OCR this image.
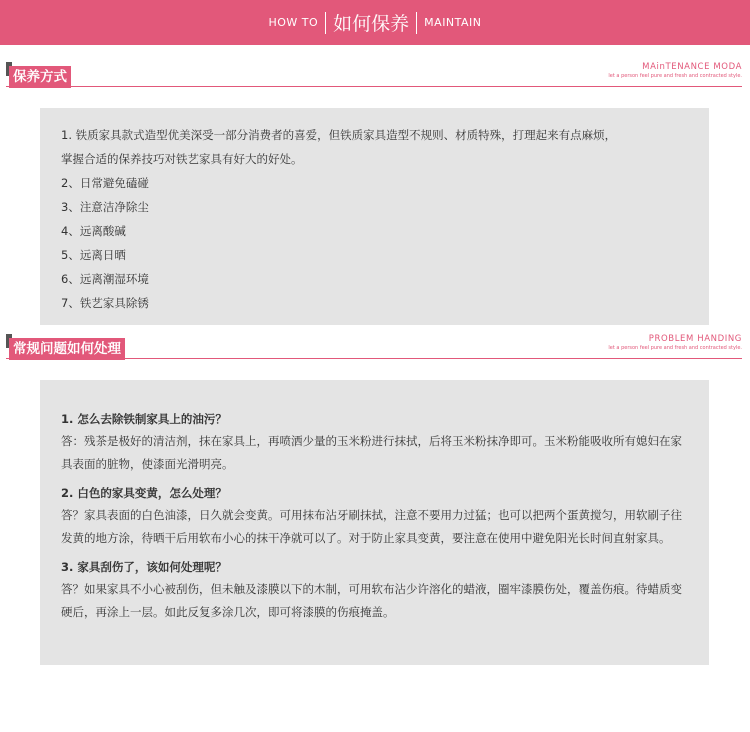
HOW TO 如何保养 MAINTAIN
保养方式
MAinTENANCE MODA
let a person feel pure and fresh and contracted style.
1. 铁质家具款式造型优美深受一部分消费者的喜爱，但铁质家具造型不规则、材质特殊，打理起来有点麻烦，
掌握合适的保养技巧对铁艺家具有好大的好处。
2、日常避免磕碰
3、注意洁净除尘
4、远离酸碱
5、远离日晒
6、远离潮湿环境
7、铁艺家具除锈
常规问题如何处理
PROBLEM HANDING
let a person feel pure and fresh and contracted style.
1. 怎么去除铁制家具上的油污？
答：残茶是极好的清洁剂，抹在家具上，再喷洒少量的玉米粉进行抹拭，后将玉米粉抹净即可。玉米粉能吸收所有媳妇在家具表面的脏物，使漆面光滑明亮。
2. 白色的家具变黄，怎么处理？
答？家具表面的白色油漆，日久就会变黄。可用抹布沾牙刷抹拭，注意不要用力过猛；也可以把两个蛋黄搅匀，用软刷子往发黄的地方涂，待晒干后用软布小心的抹干净就可以了。对于防止家具变黄，要注意在使用中避免阳光长时间直射家具。
3. 家具刮伤了，该如何处理呢？
答？如果家具不小心被刮伤，但未触及漆膜以下的木制，可用软布沾少许溶化的蜡液，圈牢漆膜伤处，覆盖伤痕。待蜡质变硬后，再涂上一层。如此反复多涂几次，即可将漆膜的伤痕掩盖。
